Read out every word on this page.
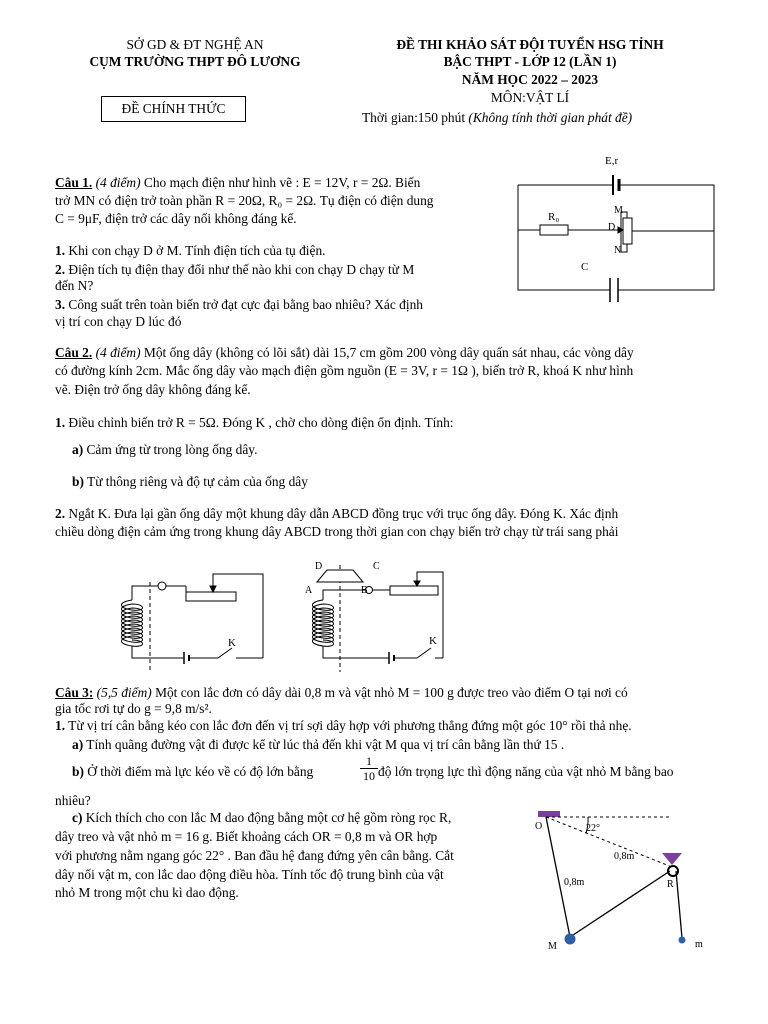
SỞ GD & ĐT NGHỆ AN

CỤM TRƯỜNG THPT ĐÔ LƯƠNG

ĐỀ CHÍNH THỨC

ĐỀ THI KHẢO SÁT ĐỘI TUYỂN HSG TỈNH

BẬC THPT - LỚP 12 (LẦN 1)

NĂM HỌC 2022 – 2023

MÔN:VẬT LÍ

Thời gian:150 phút (Không tính thời gian phát đề)

Câu 1. (4 điểm) Cho mạch điện như hình vẽ : E = 12V, r = 2Ω. Biến

trở MN có điện trở toàn phần R = 20Ω, R₀ = 2Ω. Tụ điện có điện dung

C = 9μF, điện trở các dây nối không đáng kể.

1. Khi con chạy D ở M. Tính điện tích của tụ điện.

2. Điện tích tụ điện thay đổi như thế nào khi con chạy D chạy từ M

đến N?

3. Công suất trên toàn biến trở đạt cực đại bằng bao nhiêu? Xác định

vị trí con chạy D lúc đó

E,r
R₀
M
D
N
C

Câu 2. (4 điểm) Một ống dây (không có lõi sắt) dài 15,7 cm gồm 200 vòng dây quấn sát nhau, các vòng dây

có đường kính 2cm. Mắc ống dây vào mạch điện gồm nguồn (E = 3V, r = 1Ω ), biến trở R, khoá K như hình

vẽ. Điện trở ống dây không đáng kể.

1. Điều chỉnh biến trở R = 5Ω. Đóng K , chờ cho dòng điện ổn định. Tính:

a) Cảm ứng từ trong lòng ống dây.

b) Từ thông riêng và độ tự cảm của ống dây

2. Ngắt K. Đưa lại gần ống dây một khung dây dẫn ABCD đồng trục với trục ống dây. Đóng K. Xác định

chiều dòng điện cảm ứng trong khung dây ABCD trong thời gian con chạy biến trở chạy từ trái sang phải

K
A	B
C
D
K

Câu 3: (5,5 điểm) Một con lắc đơn có dây dài 0,8 m và vật nhỏ M = 100 g được treo vào điểm O tại nơi có

gia tốc rơi tự do g = 9,8 m/s².

1. Từ vị trí cân bằng kéo con lắc đơn đến vị trí sợi dây hợp với phương thẳng đứng một góc 10° rồi thả nhẹ.

a) Tính quãng đường vật đi được kể từ lúc thả đến khi vật M qua vị trí cân bằng lần thứ 15 .

b) Ở thời điểm mà lực kéo về có độ lớn bằng	$\frac{1}{10}$ độ lớn trọng lực thì động năng của vật nhỏ M bằng bao

nhiêu?

c) Kích thích cho con lắc M dao động bằng một cơ hệ gồm ròng rọc R,

dây treo và vật nhỏ m = 16 g. Biết khoảng cách OR = 0,8 m và OR hợp

với phương nằm ngang góc 22° . Ban đầu hệ đang đứng yên cân bằng. Cắt

dây nối vật m, con lắc dao động điều hòa. Tính tốc độ trung bình của vật

nhỏ M trong một chu kì dao động.

O	22°
0,8m
0,8m	R
M	m
